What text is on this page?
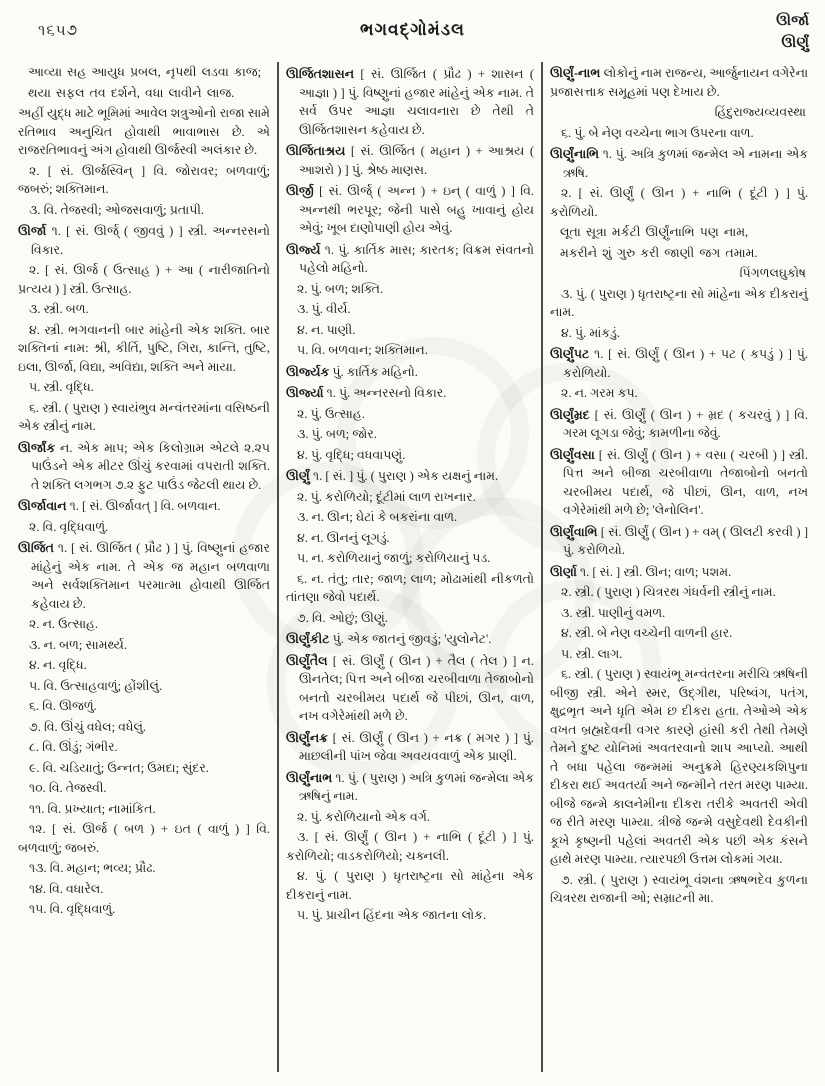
૧૬૫૭	ભગવદ્ગોમંડલ	ઊર્જા
ઊર્ણું
આવ્યા સહ આયુધ પ્રબલ, નૃપથી લડવા કાજ;
થયા સફલ તવ દર્શને, વધા લાવીને લાજ.
અહીં યુદ્ધ માટે ભૂમિમાં આવેલ શત્રુઓનો રાજા સામે રતિભાવ અનુચિત હોવાથી ભાવાભાસ છે. એ રાજરતિભાવનું અંગ હોવાથી ઊર્જસ્વી અલંકાર છે.
૨. [ સં. ઊર્જસ્વિન્ ] વિ. જોરાવર; બળવાળું; જબરું; શક્તિમાન.
૩. વિ. તેજસ્વી; ઓજસવાળું; પ્રતાપી.
ઊર્જા ૧. [ સં. ઊર્જ્ ( જીવવું ) ] સ્ત્રી. અન્નરસનો વિકાર.
૨. [ સં. ઊર્જ ( ઉત્સાહ ) + આ ( નારીજાતિનો પ્રત્યય ) ] સ્ત્રી. ઉત્સાહ.
૩. સ્ત્રી. બળ.
૪. સ્ત્રી. ભગવાનની બાર માંહેની એક શક્તિ. બાર શક્તિનાં નામ: શ્રી, કીર્તિ, પુષ્ટિ, ગિરા, કાન્તિ, તુષ્ટિ, ઇલા, ઊર્જા, વિદ્યા, અવિદ્યા, શક્તિ અને માયા.
૫. સ્ત્રી. વૃદ્ધિ.
૬. સ્ત્રી. ( પુરાણ ) સ્વાયંભુવ મન્વંતરમાંના વસિષ્ઠની એક સ્ત્રીનું નામ.
ઊર્જાંક ન. એક માપ; એક કિલોગ્રામ એટલે ૨.૨૫ પાઉંડને એક મીટર ઊંચું કરવામાં વપરાતી શક્તિ. તે શક્તિ લગભગ ૭.૨ ફુટ પાઉંડ જેટલી થાય છે.
ઊર્જાવાન ૧. [ સં. ઊર્જાવત્ ] વિ. બળવાન.
૨. વિ. વૃદ્ધિવાળું.
ઊર્જિત ૧. [ સં. ઊર્જિત ( પ્રૌઢ ) ] પું. વિષ્ણુનાં હજાર માંહેનું એક નામ. તે એક જ મહાન બળવાળા અને સર્વશક્તિમાન પરમાત્મા હોવાથી ઊર્જિત કહેવાય છે.
૨. ન. ઉત્સાહ.
૩. ન. બળ; સામર્થ્ય.
૪. ન. વૃદ્ધિ.
૫. વિ. ઉત્સાહવાળું; હોંશીલું.
૬. વિ. ઊજળું.
૭. વિ. ઊંચું વધેલ; વધેલું.
૮. વિ. ઊંડું; ગંભીર.
૯. વિ. ચડિયાતું; ઉન્નત; ઉમદા; સુંદર.
૧૦. વિ. તેજસ્વી.
૧૧. વિ. પ્રખ્યાત; નામાંકિત.
૧૨. [ સં. ઊર્જ ( બળ ) + ઇત ( વાળું ) ] વિ. બળવાળું; જબરું.
૧૩. વિ. મહાન; ભવ્ય; પ્રૌઢ.
૧૪. વિ. વધારેલ.
૧૫. વિ. વૃદ્ધિવાળું.
ઊર્જિતશાસન [ સં. ઊર્જિત ( પ્રૌઢ ) + શાસન ( આજ્ઞા ) ] પું. વિષ્ણુનાં હજાર માંહેનું એક નામ. તે સર્વ ઉપર આજ્ઞા ચલાવનારા છે તેથી તે ઊર્જિતશાસન કહેવાય છે.
ઊર્જિતાશ્રય [ સં. ઊર્જિત ( મહાન ) + આશ્રય ( આશરો ) ] પું. શ્રેષ્ઠ માણસ.
ઊર્જી [ સં. ઊર્જ્ ( અન્ન ) + ઇન્ ( વાળું ) ] વિ. અન્નથી ભરપૂર; જેની પાસે બહુ ખાવાનું હોય એવું; ખૂબ દાણોપાણી હોય એવું.
ઊર્જ્ય ૧. પું. કાર્તિક માસ; કારતક; વિક્રમ સંવતનો પહેલો મહિનો.
૨. પું. બળ; શક્તિ.
૩. પું. વીર્ય.
૪. ન. પાણી.
૫. વિ. બળવાન; શક્તિમાન.
ઊર્જ્યક પું. કાર્તિક મહિનો.
ઊર્જ્યા ૧. પું. અન્નરસનો વિકાર.
૨. પું. ઉત્સાહ.
૩. પું. બળ; જોર.
૪. પું. વૃદ્ધિ; વધવાપણું.
ઊર્ણું ૧. [ સં. ] પું. ( પુરાણ ) એક યક્ષનું નામ.
૨. પું. કરોળિયો; દૂંટીમાં લાળ રાખનાર.
૩. ન. ઊન; ઘેટાં કે બકરાંના વાળ.
૪. ન. ઊનનું લૂગડું.
૫. ન. કરોળિયાનું જાળું; કરોળિયાનું પડ.
૬. ન. તંતુ; તાર; જાળ; લાળ; મોઢામાંથી નીકળતો તાંતણા જેવો પદાર્થ.
૭. વિ. ઓછું; ઊણું.
ઊર્ણુંકીટ પું. એક જાતનું જીવડું; 'યુલોનેટ'.
ઊર્ણુંતૈલ [ સં. ઊર્ણું ( ઊન ) + તૈલ ( તેલ ) ] ન. ઊનતેલ; પિત્ત અને બીજા ચરબીવાળા તેજાબોનો બનતો ચરબીમય પદાર્થ જે પીછાં, ઊન, વાળ, નખ વગેરેમાંથી મળે છે.
ઊર્ણુંનક્ર [ સં. ઊર્ણું ( ઊન ) + નક્ર ( મગર ) ] પું. માછલીની પાંખ જેવા અવયવવાળું એક પ્રાણી.
ઊર્ણુંનાભ ૧. પું. ( પુરાણ ) અત્રિ કુળમાં જન્મેલા એક ઋષિનું નામ.
૨. પું. કરોળિયાનો એક વર્ગ.
૩. [ સં. ઊર્ણું ( ઊન ) + નાભિ ( દૂંટી ) ] પું. કરોળિયો; વાડકરોળિયો; ચક્નલી.
૪. પું. ( પુરાણ ) ધૃતરાષ્ટ્રના સો માંહેના એક દીકરાનું નામ.
૫. પું. પ્રાચીન હિંદના એક જાતના લોક.
ઊર્ણું-નાભ લોકોનું નામ રાજન્ય, આર્જુનાયન વગેરેના પ્રજાસત્તાક સમૂહમાં પણ દેખાય છે.
હિંદુરાજ્યવ્યવસ્થા
૬. પું. બે નેણ વચ્ચેના ભાગ ઉપરના વાળ.
ઊર્ણુંનાભિ ૧. પું. અત્રિ કુળમાં જન્મેલ એ નામના એક ઋષિ.
૨. [ સં. ઊર્ણું ( ઊન ) + નાભિ ( દૂંટી ) ] પું. કરોળિયો.
લૂતા સૂત્રા મર્કટી ઊર્ણુંનાભિ પણ નામ,
મકરીને શું ગુરુ કરી જાણી જગ તમામ.
પિંગળલઘુકોષ
૩. પું. ( પુરાણ ) ધૃતરાષ્ટ્રના સો માંહેના એક દીકરાનું નામ.
૪. પું. માંકડું.
ઊર્ણુંપટ ૧. [ સં. ઊર્ણું ( ઊન ) + પટ ( કપડું ) ] પું. કરોળિયો.
૨. ન. ગરમ કપ.
ઊર્ણુંમ્રદ [ સં. ઊર્ણું ( ઊન ) + મ્રદ ( કચરવું ) ] વિ. ગરમ લૂગડા જેવું; કામળીના જેવું.
ઊર્ણુંવસા [ સં. ઊર્ણું ( ઊન ) + વસા ( ચરબી ) ] સ્ત્રી. પિત્ત અને બીજા ચરબીવાળા તેજાબોનો બનતો ચરબીમય પદાર્થ, જે પીછાં, ઊન, વાળ, નખ વગેરેમાંથી મળે છે; 'લેનોલિન'.
ઊર્ણુંવાભિ [ સં. ઊર્ણું ( ઊન ) + વમ્ ( ઊલટી કરવી ) ] પું. કરોળિયો.
ઊર્ણા ૧. [ સં. ] સ્ત્રી. ઊન; વાળ; પશમ.
૨. સ્ત્રી. ( પુરાણ ) ચિત્રરથ ગંધર્વની સ્ત્રીનું નામ.
૩. સ્ત્રી. પાણીનું વમળ.
૪. સ્ત્રી. બે નેણ વચ્ચેની વાળની હાર.
૫. સ્ત્રી. લાગ.
૬. સ્ત્રી. ( પુરાણ ) સ્વાયંભૂ મન્વંતરના મરીચિ ઋષિની બીજી સ્ત્રી. એને સ્મર, ઉદ્ગીથ, પરિષ્વંગ, પતંગ, ક્ષુદ્રભૃત અને ધૃતિ એમ છ દીકરા હતા. તેઓએ એક વખત બ્રહ્મદેવની વગર કારણે હાંસી કરી તેથી તેમણે તેમને દુષ્ટ યોનિમાં અવતરવાનો શાપ આપ્યો. આથી તે બધા પહેલા જન્મમાં અનુક્રમે હિરણ્યકશિપુના દીકરા થઈ અવતર્યા અને જન્મીને તરત મરણ પામ્યા. બીજે જન્મે કાલનેમીના દીકરા તરીકે અવતરી એવી જ રીતે મરણ પામ્યા. ત્રીજે જન્મે વસુદેવથી દેવકીની કૂખે કૃષ્ણની પહેલાં અવતરી એક પછી એક કંસને હાથે મરણ પામ્યા. ત્યારપછી ઉત્તમ લોકમાં ગયા.
૭. સ્ત્રી. ( પુરાણ ) સ્વાયંભૂ વંશના ઋષભદેવ કુળના ચિત્રરથ રાજાની ઓ; સમ્રાટની મા.
